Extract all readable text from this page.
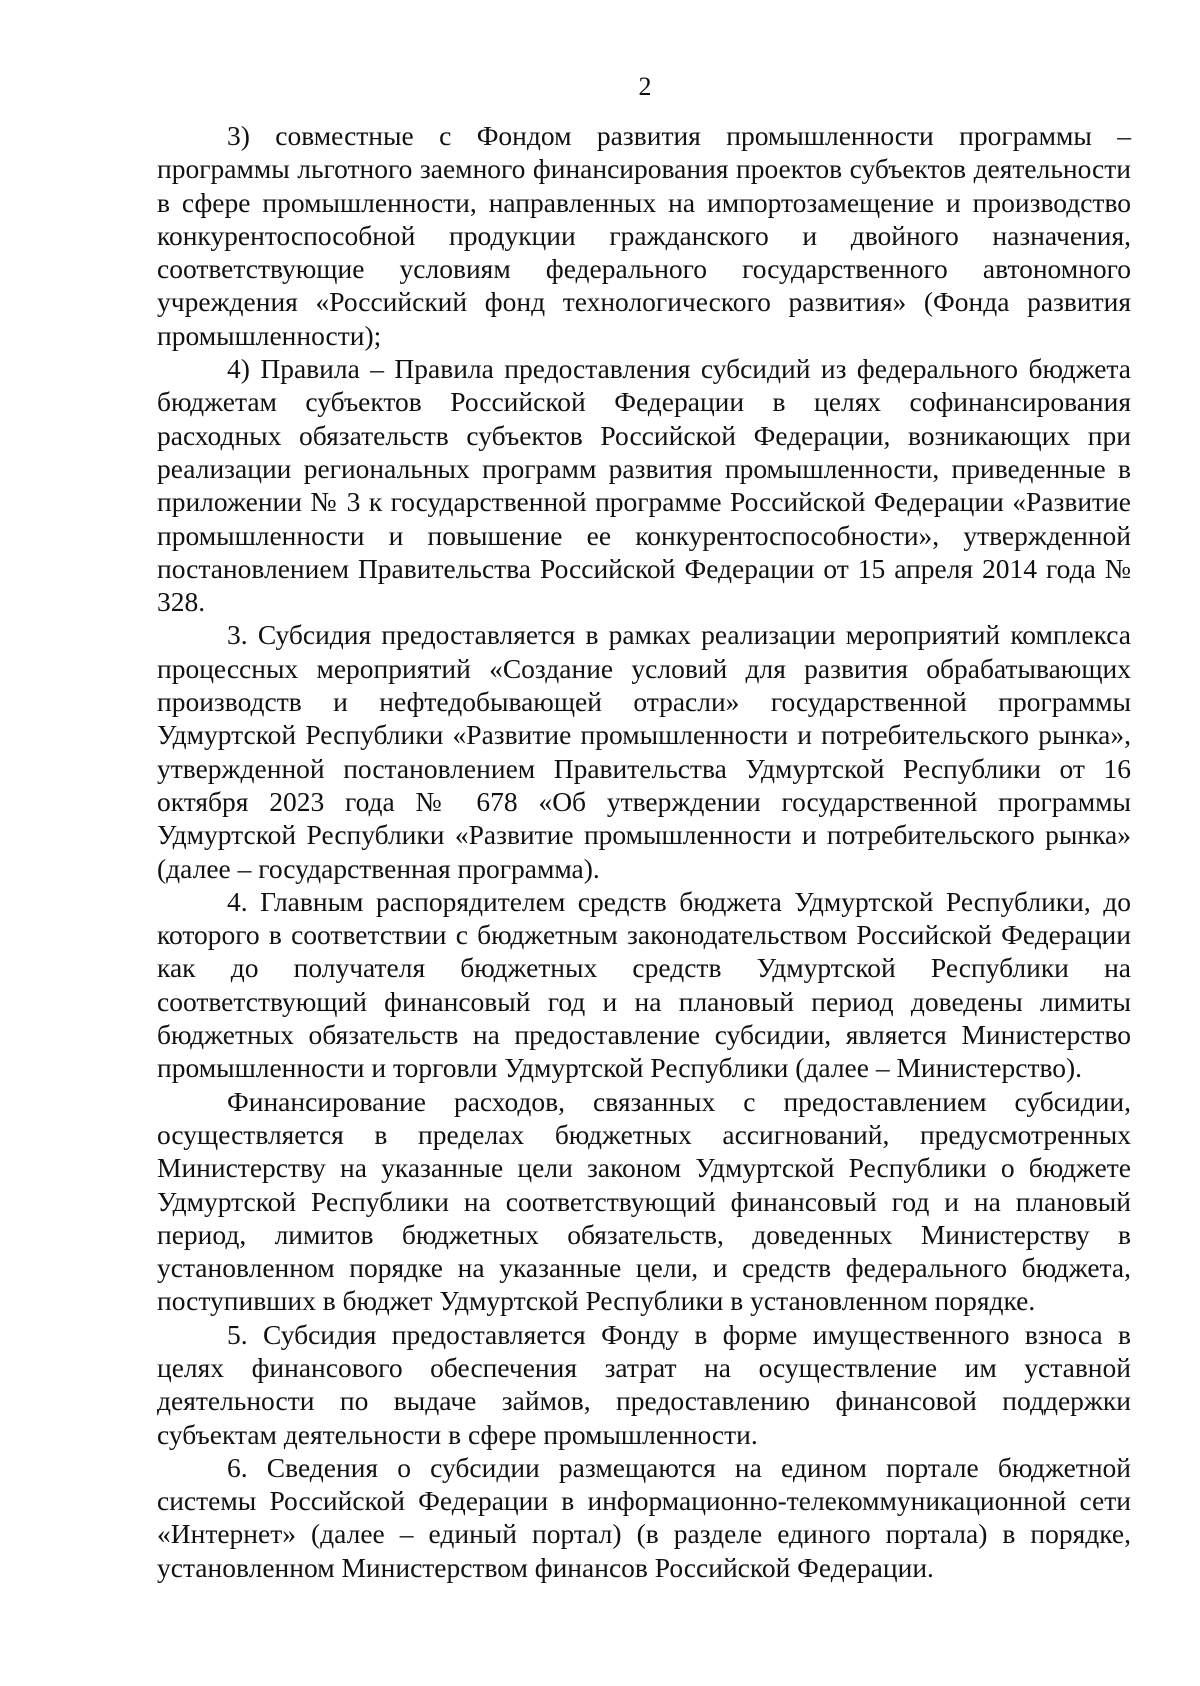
2

3) совместные с Фондом развития промышленности программы – программы льготного заемного финансирования проектов субъектов деятельности в сфере промышленности, направленных на импортозамещение и производство конкурентоспособной продукции гражданского и двойного назначения, соответствующие условиям федерального государственного автономного учреждения «Российский фонд технологического развития» (Фонда развития промышленности);

4) Правила – Правила предоставления субсидий из федерального бюджета бюджетам субъектов Российской Федерации в целях софинансирования расходных обязательств субъектов Российской Федерации, возникающих при реализации региональных программ развития промышленности, приведенные в приложении № 3 к государственной программе Российской Федерации «Развитие промышленности и повышение ее конкурентоспособности», утвержденной постановлением Правительства Российской Федерации от 15 апреля 2014 года № 328.

3. Субсидия предоставляется в рамках реализации мероприятий комплекса процессных мероприятий «Создание условий для развития обрабатывающих производств и нефтедобывающей отрасли» государственной программы Удмуртской Республики «Развитие промышленности и потребительского рынка», утвержденной постановлением Правительства Удмуртской Республики от 16 октября 2023 года № 678 «Об утверждении государственной программы Удмуртской Республики «Развитие промышленности и потребительского рынка» (далее – государственная программа).

4. Главным распорядителем средств бюджета Удмуртской Республики, до которого в соответствии с бюджетным законодательством Российской Федерации как до получателя бюджетных средств Удмуртской Республики на соответствующий финансовый год и на плановый период доведены лимиты бюджетных обязательств на предоставление субсидии, является Министерство промышленности и торговли Удмуртской Республики (далее – Министерство).

Финансирование расходов, связанных с предоставлением субсидии, осуществляется в пределах бюджетных ассигнований, предусмотренных Министерству на указанные цели законом Удмуртской Республики о бюджете Удмуртской Республики на соответствующий финансовый год и на плановый период, лимитов бюджетных обязательств, доведенных Министерству в установленном порядке на указанные цели, и средств федерального бюджета, поступивших в бюджет Удмуртской Республики в установленном порядке.

5. Субсидия предоставляется Фонду в форме имущественного взноса в целях финансового обеспечения затрат на осуществление им уставной деятельности по выдаче займов, предоставлению финансовой поддержки субъектам деятельности в сфере промышленности.

6. Сведения о субсидии размещаются на едином портале бюджетной системы Российской Федерации в информационно-телекоммуникационной сети «Интернет» (далее – единый портал) (в разделе единого портала) в порядке, установленном Министерством финансов Российской Федерации.
